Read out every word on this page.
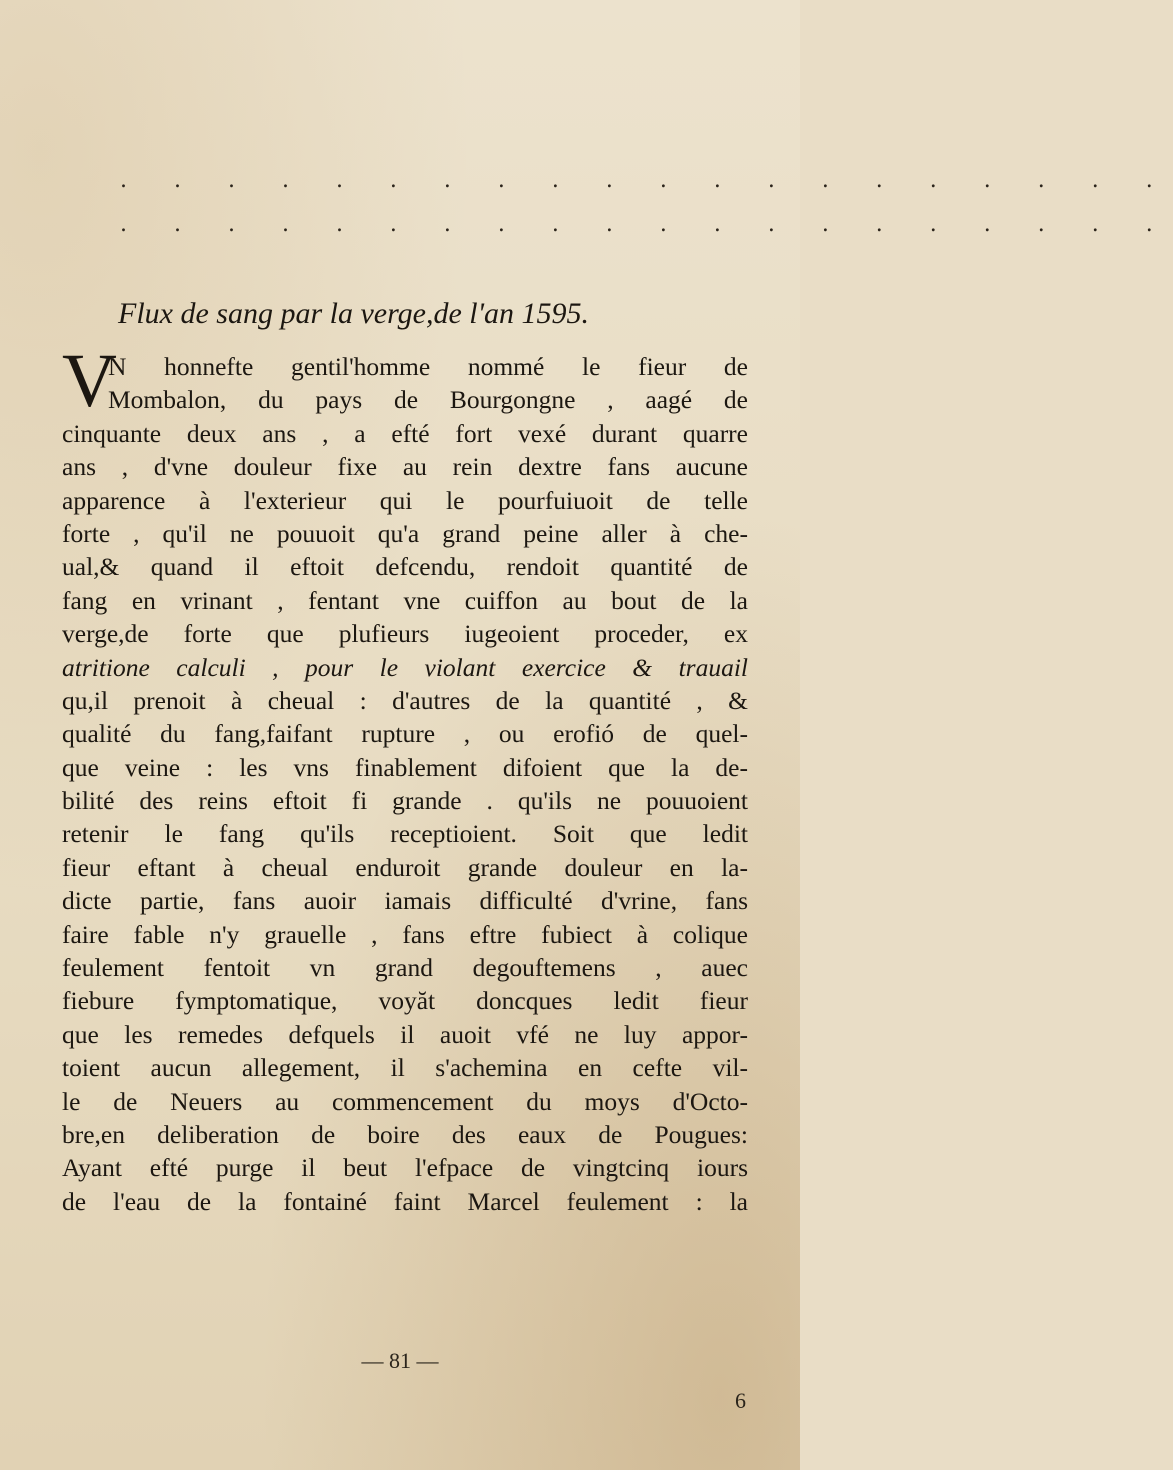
. . . . . . . . . . . . . . . . . . . .
. . . . . . . . . . . . . . . . . . . .
Flux de sang par la verge,de l'an 1595.
V
N honnefte gentil'homme nommé le fieur de
Mombalon, du pays de Bourgongne , aagé de
cinquante deux ans , a efté fort vexé durant quarre
ans , d'vne douleur fixe au rein dextre fans aucune
apparence à l'exterieur qui le pourfuiuoit de telle
forte , qu'il ne pouuoit qu'a grand peine aller à che-
ual,& quand il eftoit defcendu, rendoit quantité de
fang en vrinant , fentant vne cuiffon au bout de la
verge,de forte que plufieurs iugeoient proceder, ex
atritione calculi , pour le violant exercice & trauail
qu,il prenoit à cheual : d'autres de la quantité , &
qualité du fang,faifant rupture , ou erofió de quel-
que veine : les vns finablement difoient que la de-
bilité des reins eftoit fi grande . qu'ils ne pouuoient
retenir le fang qu'ils receptioient. Soit que ledit
fieur eftant à cheual enduroit grande douleur en la-
dicte partie, fans auoir iamais difficulté d'vrine, fans
faire fable n'y grauelle , fans eftre fubiect à colique
feulement fentoit vn grand degouftemens , auec
fiebure fymptomatique, voyăt doncques ledit fieur
que les remedes defquels il auoit vfé ne luy appor-
toient aucun allegement, il s'achemina en cefte vil-
le de Neuers au commencement du moys d'Octo-
bre,en deliberation de boire des eaux de Pougues:
Ayant efté purge il beut l'efpace de vingtcinq iours
de l'eau de la fontainé faint Marcel feulement : la
— 81 —
6
